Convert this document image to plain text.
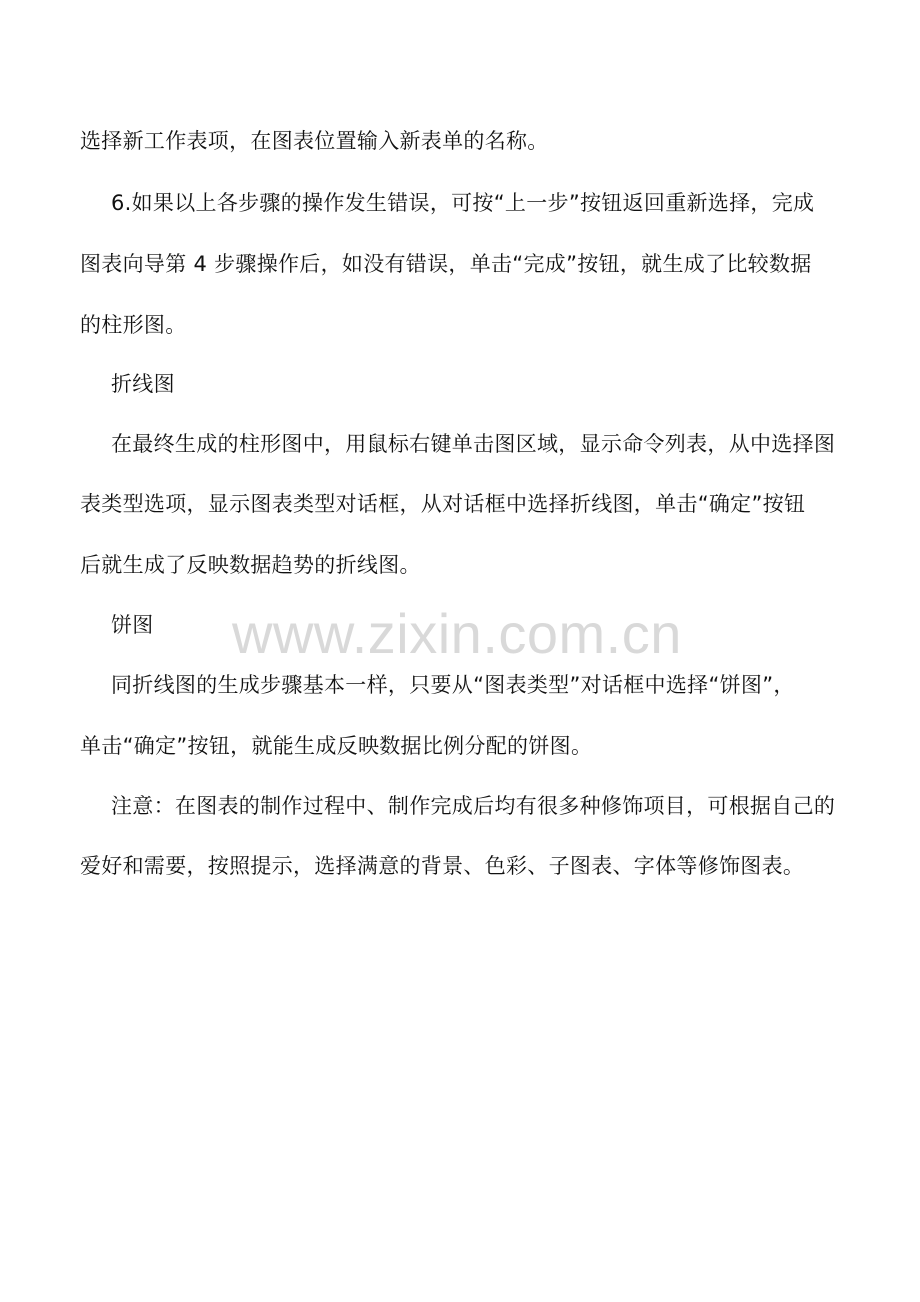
选择新工作表项，在图表位置输入新表单的名称。
6.如果以上各步骤的操作发生错误，可按“上一步”按钮返回重新选择，完成
图表向导第 4 步骤操作后，如没有错误，单击“完成”按钮，就生成了比较数据
的柱形图。
折线图
在最终生成的柱形图中，用鼠标右键单击图区域，显示命令列表，从中选择图
表类型选项，显示图表类型对话框，从对话框中选择折线图，单击“确定”按钮
后就生成了反映数据趋势的折线图。
饼图
同折线图的生成步骤基本一样，只要从“图表类型”对话框中选择“饼图”，
单击“确定”按钮，就能生成反映数据比例分配的饼图。
注意：在图表的制作过程中、制作完成后均有很多种修饰项目，可根据自己的
爱好和需要，按照提示，选择满意的背景、色彩、子图表、字体等修饰图表。
www.zixin.com.cn
